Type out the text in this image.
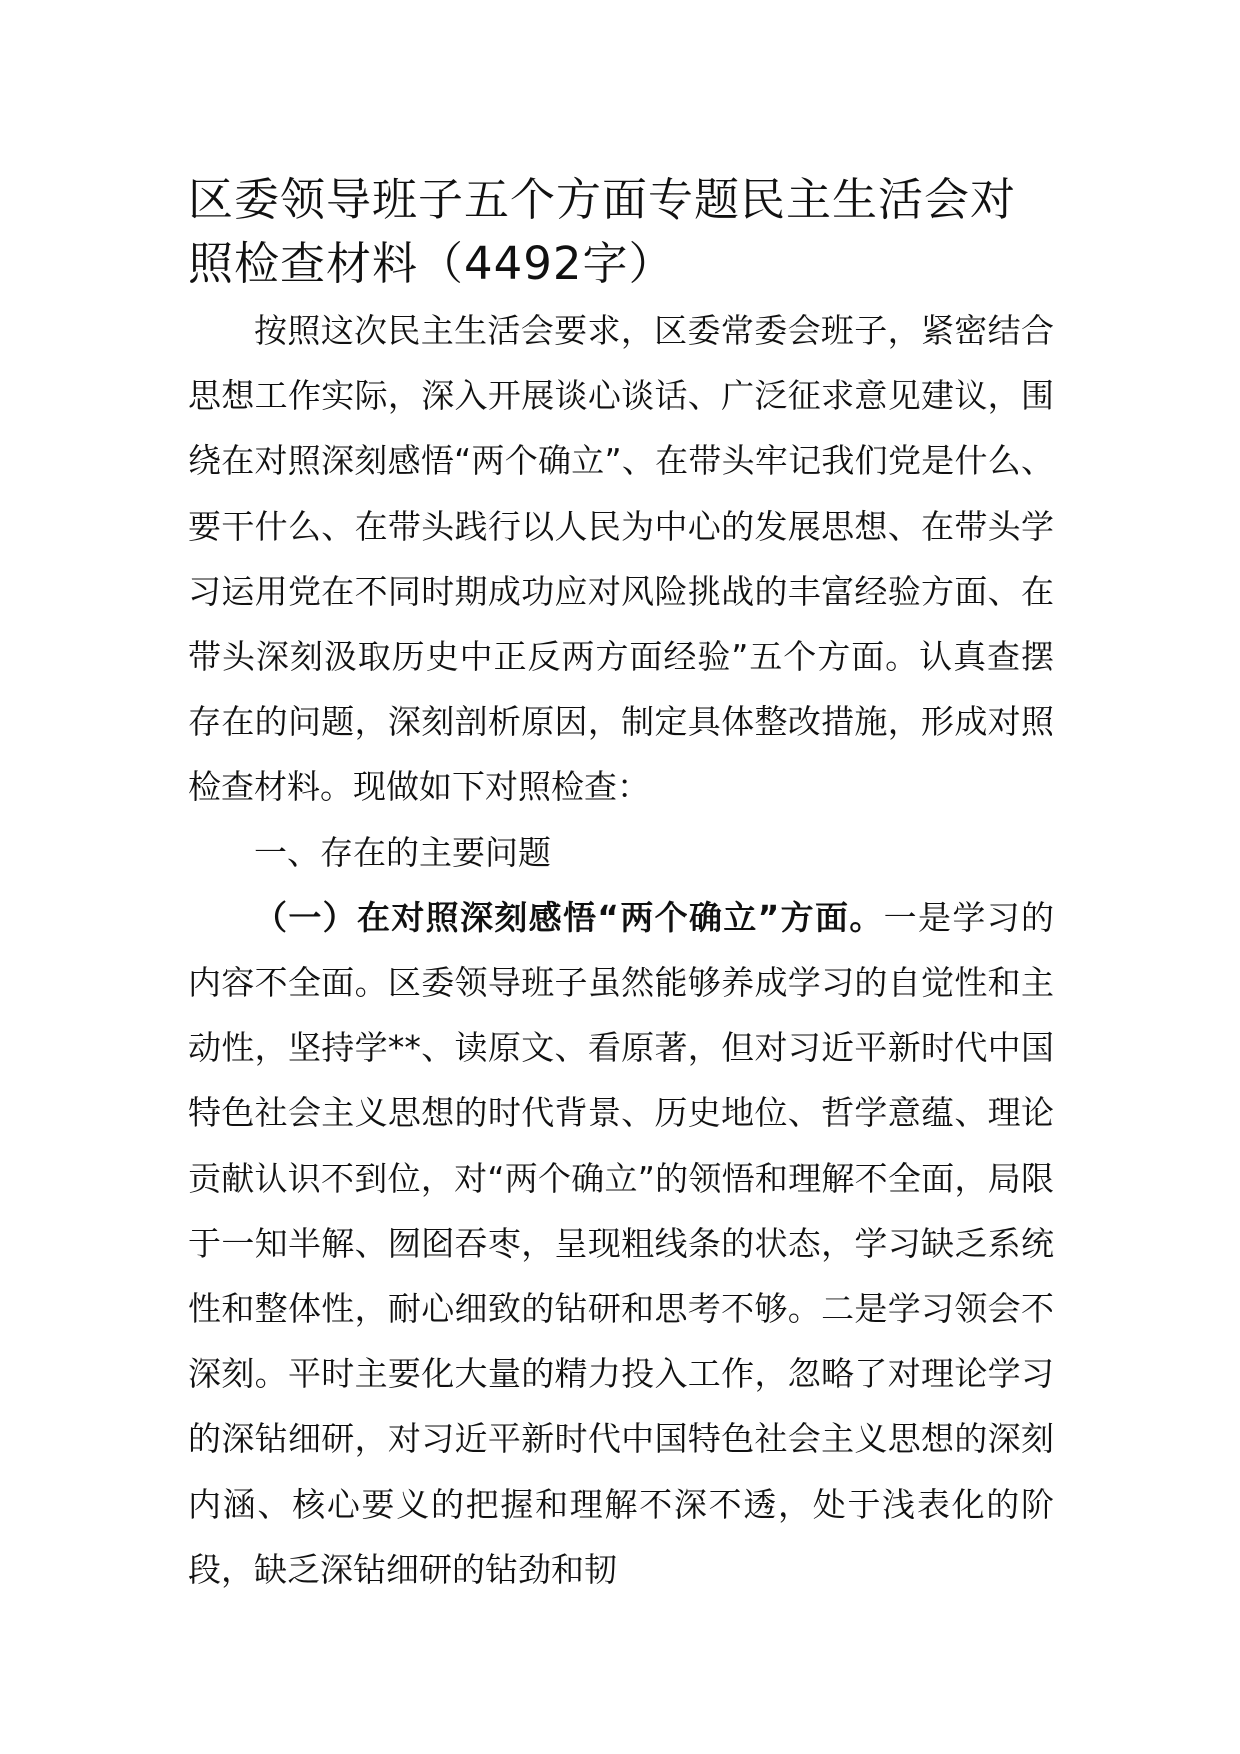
区委领导班子五个方面专题民主生活会对照检查材料（4492字）

按照这次民主生活会要求，区委常委会班子，紧密结合思想工作实际，深入开展谈心谈话、广泛征求意见建议，围绕在对照深刻感悟“两个确立”、在带头牢记我们党是什么、要干什么、在带头践行以人民为中心的发展思想、在带头学习运用党在不同时期成功应对风险挑战的丰富经验方面、在带头深刻汲取历史中正反两方面经验”五个方面。认真查摆存在的问题，深刻剖析原因，制定具体整改措施，形成对照检查材料。现做如下对照检查：

一、存在的主要问题

（一）在对照深刻感悟“两个确立”方面。一是学习的内容不全面。区委领导班子虽然能够养成学习的自觉性和主动性，坚持学**、读原文、看原著，但对习近平新时代中国特色社会主义思想的时代背景、历史地位、哲学意蕴、理论贡献认识不到位，对“两个确立”的领悟和理解不全面，局限于一知半解、囫囵吞枣，呈现粗线条的状态，学习缺乏系统性和整体性，耐心细致的钻研和思考不够。二是学习领会不深刻。平时主要化大量的精力投入工作，忽略了对理论学习的深钻细研，对习近平新时代中国特色社会主义思想的深刻内涵、核心要义的把握和理解不深不透，处于浅表化的阶段，缺乏深钻细研的钻劲和韧
